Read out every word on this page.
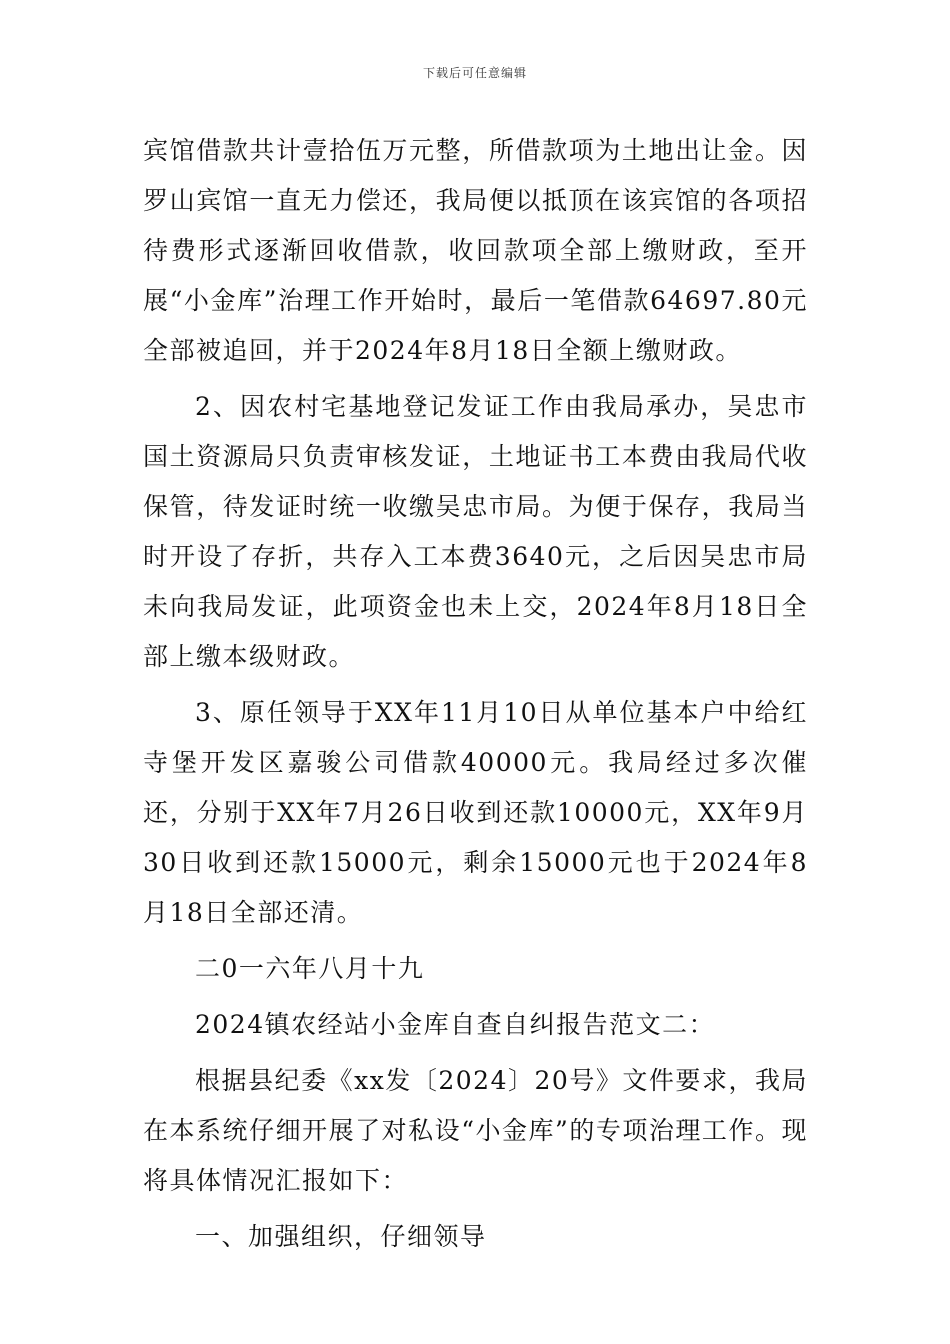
下载后可任意编辑

宾馆借款共计壹拾伍万元整，所借款项为土地出让金。因罗山宾馆一直无力偿还，我局便以抵顶在该宾馆的各项招待费形式逐渐回收借款，收回款项全部上缴财政，至开展“小金库”治理工作开始时，最后一笔借款64697.80元全部被追回，并于2024年8月18日全额上缴财政。

2、因农村宅基地登记发证工作由我局承办，吴忠市国土资源局只负责审核发证，土地证书工本费由我局代收保管，待发证时统一收缴吴忠市局。为便于保存，我局当时开设了存折，共存入工本费3640元，之后因吴忠市局未向我局发证，此项资金也未上交，2024年8月18日全部上缴本级财政。

3、原任领导于XX年11月10日从单位基本户中给红寺堡开发区嘉骏公司借款40000元。我局经过多次催还，分别于XX年7月26日收到还款10000元，XX年9月30日收到还款15000元，剩余15000元也于2024年8月18日全部还清。

二0一六年八月十九

2024镇农经站小金库自查自纠报告范文二：

根据县纪委《xx发〔2024〕20号》文件要求，我局在本系统仔细开展了对私设“小金库”的专项治理工作。现将具体情况汇报如下：

一、加强组织，仔细领导
